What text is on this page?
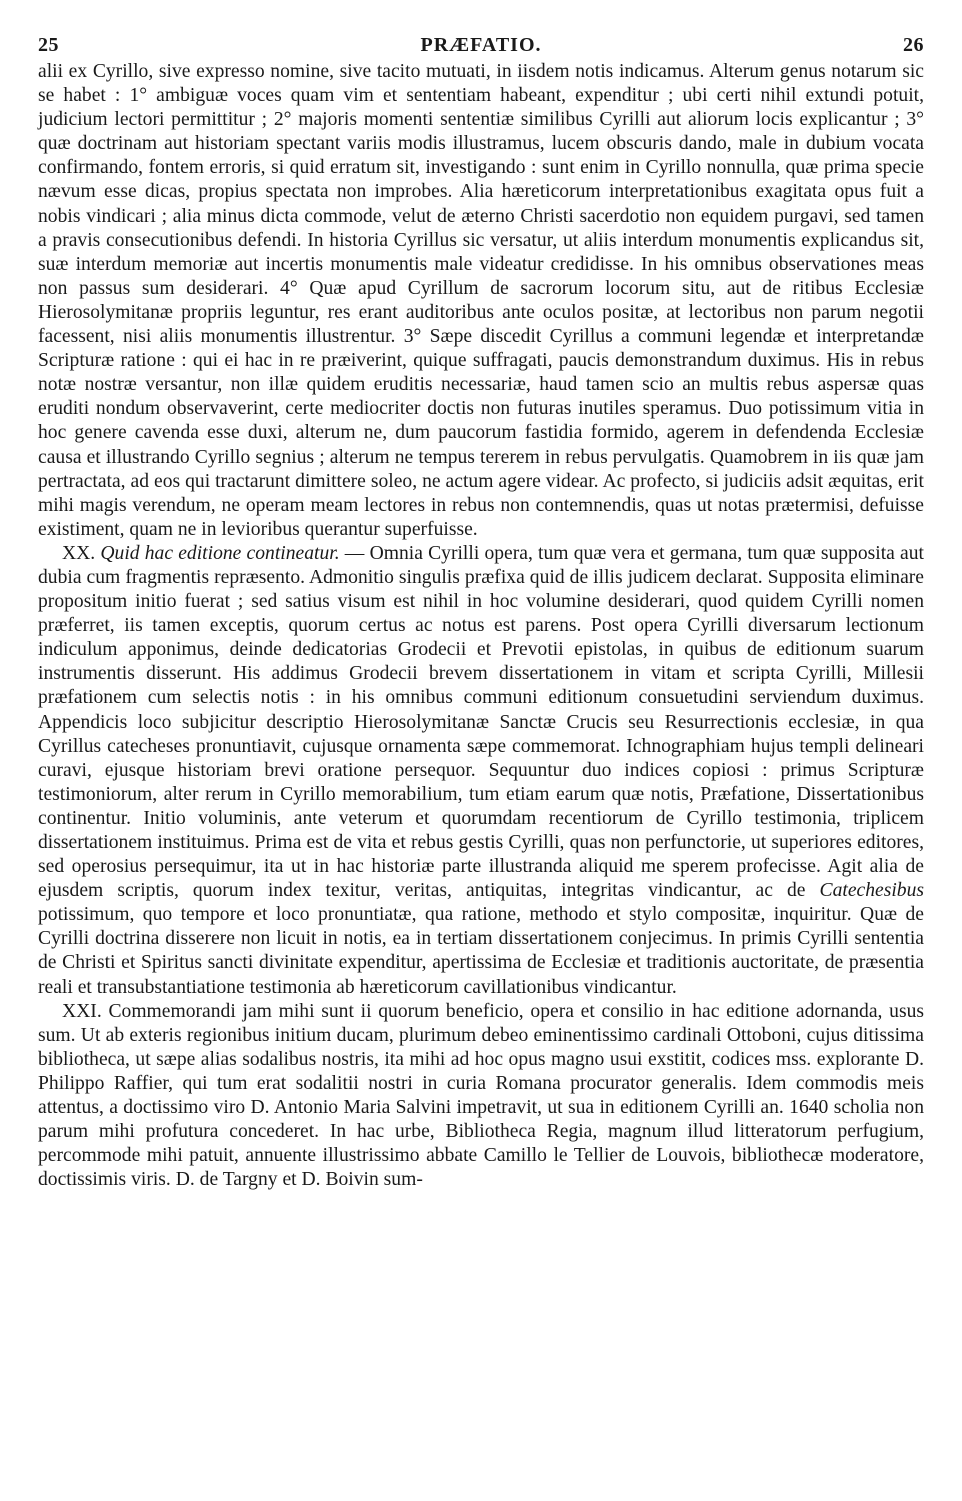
25	PRÆFATIO.	26

alii ex Cyrillo, sive expresso nomine, sive tacito mutuati, in iisdem notis indicamus. Alterum genus notarum sic se habet : 1° ambiguæ voces quam vim et sententiam habeant, expenditur ; ubi certi nihil extundi potuit, judicium lectori permittitur ; 2° majoris momenti sententiæ similibus Cyrilli aut aliorum locis explicantur ; 3° quæ doctrinam aut historiam spectant variis modis illustramus, lucem obscuris dando, male in dubium vocata confirmando, fontem erroris, si quid erratum sit, investigando : sunt enim in Cyrillo nonnulla, quæ prima specie nævum esse dicas, propius spectata non improbes. Alia hæreticorum interpretationibus exagitata opus fuit a nobis vindicari ; alia minus dicta commode, velut de æterno Christi sacerdotio non equidem purgavi, sed tamen a pravis consecutionibus defendi. In historia Cyrillus sic versatur, ut aliis interdum monumentis explicandus sit, suæ interdum memoriæ aut incertis monumentis male videatur credidisse. In his omnibus observationes meas non passus sum desiderari. 4° Quæ apud Cyrillum de sacrorum locorum situ, aut de ritibus Ecclesiæ Hierosolymitanæ propriis leguntur, res erant auditoribus ante oculos positæ, at lectoribus non parum negotii facessent, nisi aliis monumentis illustrentur. 3° Sæpe discedit Cyrillus a communi legendæ et interpretandæ Scripturæ ratione : qui ei hac in re præiverint, quique suffragati, paucis demonstrandum duximus. His in rebus notæ nostræ versantur, non illæ quidem eruditis necessariæ, haud tamen scio an multis rebus aspersæ quas eruditi nondum observaverint, certe mediocriter doctis non futuras inutiles speramus. Duo potissimum vitia in hoc genere cavenda esse duxi, alterum ne, dum paucorum fastidia formido, agerem in defendenda Ecclesiæ causa et illustrando Cyrillo segnius ; alterum ne tempus tererem in rebus pervulgatis. Quamobrem in iis quæ jam pertractata, ad eos qui tractarunt dimittere soleo, ne actum agere videar. Ac profecto, si judiciis adsit æquitas, erit mihi magis verendum, ne operam meam lectores in rebus non contemnendis, quas ut notas prætermisi, defuisse existiment, quam ne in levioribus querantur superfuisse.

XX. Quid hac editione contineatur. — Omnia Cyrilli opera, tum quæ vera et germana, tum quæ supposita aut dubia cum fragmentis repræsento. Admonitio singulis præfixa quid de illis judicem declarat. Supposita eliminare propositum initio fuerat ; sed satius visum est nihil in hoc volumine desiderari, quod quidem Cyrilli nomen præferret, iis tamen exceptis, quorum certus ac notus est parens. Post opera Cyrilli diversarum lectionum indiculum apponimus, deinde dedicatorias Grodecii et Prevotii epistolas, in quibus de editionum suarum instrumentis disserunt. His addimus Grodecii brevem dissertationem in vitam et scripta Cyrilli, Millesii præfationem cum selectis notis : in his omnibus communi editionum consuetudini serviendum duximus. Appendicis loco subjicitur descriptio Hierosolymitanæ Sanctæ Crucis seu Resurrectionis ecclesiæ, in qua Cyrillus catecheses pronuntiavit, cujusque ornamenta sæpe commemorat. Ichnographiam hujus templi delineari curavi, ejusque historiam brevi oratione persequor. Sequuntur duo indices copiosi : primus Scripturæ testimoniorum, alter rerum in Cyrillo memorabilium, tum etiam earum quæ notis, Præfatione, Dissertationibus continentur. Initio voluminis, ante veterum et quorumdam recentiorum de Cyrillo testimonia, triplicem dissertationem instituimus. Prima est de vita et rebus gestis Cyrilli, quas non perfunctorie, ut superiores editores, sed operosius persequimur, ita ut in hac historiæ parte illustranda aliquid me sperem profecisse. Agit alia de ejusdem scriptis, quorum index texitur, veritas, antiquitas, integritas vindicantur, ac de Catechesibus potissimum, quo tempore et loco pronuntiatæ, qua ratione, methodo et stylo compositæ, inquiritur. Quæ de Cyrilli doctrina disserere non licuit in notis, ea in tertiam dissertationem conjecimus. In primis Cyrilli sententia de Christi et Spiritus sancti divinitate expenditur, apertissima de Ecclesiæ et traditionis auctoritate, de præsentia reali et transubstantiatione testimonia ab hæreticorum cavillationibus vindicantur.

XXI. Commemorandi jam mihi sunt ii quorum beneficio, opera et consilio in hac editione adornanda, usus sum. Ut ab exteris regionibus initium ducam, plurimum debeo eminentissimo cardinali Ottoboni, cujus ditissima bibliotheca, ut sæpe alias sodalibus nostris, ita mihi ad hoc opus magno usui exstitit, codices mss. explorante D. Philippo Raffier, qui tum erat sodalitii nostri in curia Romana procurator generalis. Idem commodis meis attentus, a doctissimo viro D. Antonio Maria Salvini impetravit, ut sua in editionem Cyrilli an. 1640 scholia non parum mihi profutura concederet. In hac urbe, Bibliotheca Regia, magnum illud litteratorum perfugium, percommode mihi patuit, annuente illustrissimo abbate Camillo le Tellier de Louvois, bibliothecæ moderatore, doctissimis viris. D. de Targny et D. Boivin sum-
